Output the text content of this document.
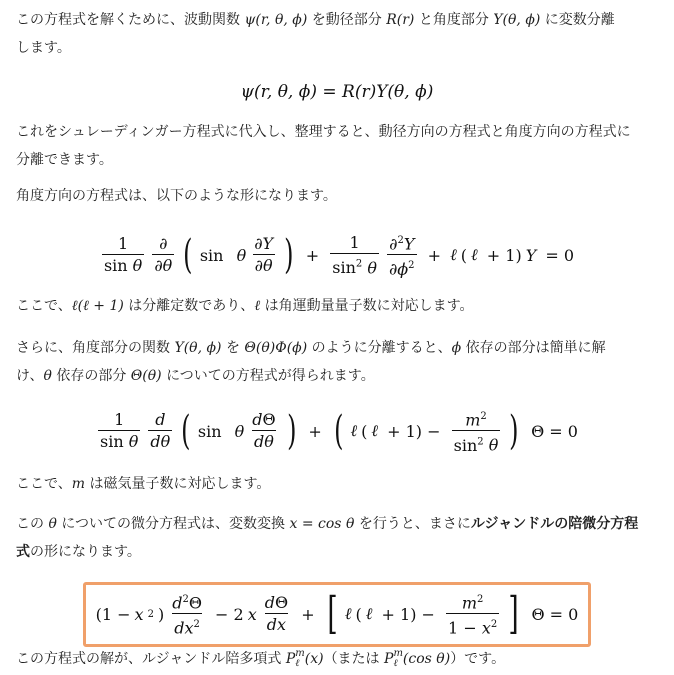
この方程式を解くために、波動関数 ψ(r, θ, ϕ) を動径部分 R(r) と角度部分 Y(θ, ϕ) に変数分離
します。

ψ(r, θ, ϕ) = R(r)Y(θ, ϕ)

これをシュレーディンガー方程式に代入し、整理すると、動径方向の方程式と角度方向の方程式に
分離できます。

角度方向の方程式は、以下のような形になります。

$\frac{1}{\text{sin θ}} \frac{\partial}{\partial\theta}$ ( sin
θ $\frac{\partial Y}{\partial\theta}$ ) + $\frac{1}{\sin^2 \theta} \frac{\partial^2Y}{\partial\phi^2}$ + ℓ ( ℓ + 1) Y = 0

ここで、ℓ(ℓ + 1) は分離定数であり、ℓ は角運動量量子数に対応します。

さらに、角度部分の関数 Y(θ, ϕ) を Θ(θ)Φ(ϕ) のように分離すると、ϕ 依存の部分は簡単に解
け、θ 依存の部分 Θ(θ) についての方程式が得られます。

$\frac{1}{\text{sin θ}} \frac{d}{d\theta}$ ( sin
θ $\frac{d\Theta}{d\theta}$ ) + ( ℓ ( ℓ + $1) - \frac{m^2}{\sin^2 \theta}$ ) Θ = 0

ここで、m は磁気量子数に対応します。

この θ についての微分方程式は、変数変換 x = cos θ を行うと、まさにルジャンドルの陪微分方程
式の形になります。

(1 − x 2 ) $\frac{d^2\Theta}{dx^2} - 2$ x $\frac{d\Theta}{dx}$ + [ ℓ ( ℓ + $1) - \frac{m^2}{1 - x^2}$ ] Θ = 0

この方程式の解が、ルジャンドル陪多項式 P m
ℓ (x)（または P m
ℓ (cos θ)）です。
